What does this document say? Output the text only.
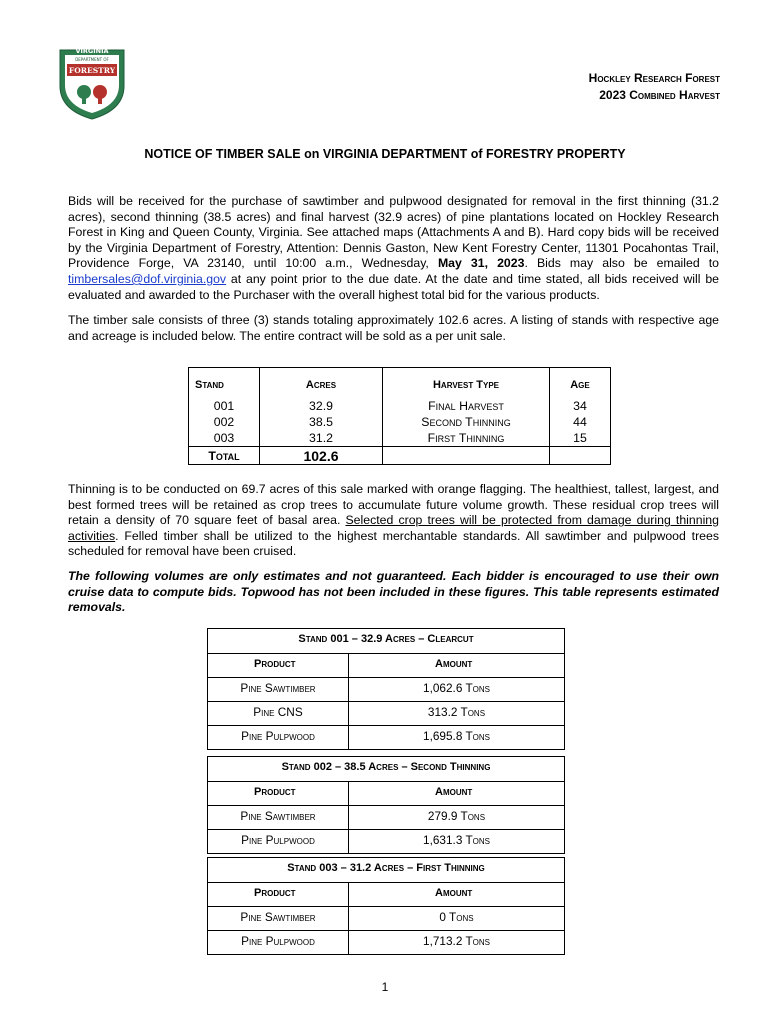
VIRGINIA
DEPARTMENT OF
FORESTRY
Hockley Research Forest
2023 Combined Harvest
NOTICE OF TIMBER SALE on VIRGINIA DEPARTMENT of FORESTRY PROPERTY

Bids will be received for the purchase of sawtimber and pulpwood designated for removal in the first thinning (31.2 acres), second thinning (38.5 acres) and final harvest (32.9 acres) of pine plantations located on Hockley Research Forest in King and Queen County, Virginia. See attached maps (Attachments A and B). Hard copy bids will be received by the Virginia Department of Forestry, Attention: Dennis Gaston, New Kent Forestry Center, 11301 Pocahontas Trail, Providence Forge, VA 23140, until 10:00 a.m., Wednesday, May 31, 2023. Bids may also be emailed to timbersales@dof.virginia.gov at any point prior to the due date. At the date and time stated, all bids received will be evaluated and awarded to the Purchaser with the overall highest total bid for the various products.

The timber sale consists of three (3) stands totaling approximately 102.6 acres. A listing of stands with respective age and acreage is included below. The entire contract will be sold as a per unit sale.

Stand	Acres	Harvest Type	Age
001	32.9	Final Harvest	34
002	38.5	Second Thinning	44
003	31.2	First Thinning	15
Total	102.6		

Thinning is to be conducted on 69.7 acres of this sale marked with orange flagging. The healthiest, tallest, largest, and best formed trees will be retained as crop trees to accumulate future volume growth. These residual crop trees will retain a density of 70 square feet of basal area. Selected crop trees will be protected from damage during thinning activities. Felled timber shall be utilized to the highest merchantable standards. All sawtimber and pulpwood trees scheduled for removal have been cruised.

The following volumes are only estimates and not guaranteed. Each bidder is encouraged to use their own cruise data to compute bids. Topwood has not been included in these figures. This table represents estimated removals.

Stand 001 – 32.9 Acres – Clearcut
Product	Amount
Pine Sawtimber	1,062.6 Tons
Pine CNS	313.2 Tons
Pine Pulpwood	1,695.8 Tons
Stand 002 – 38.5 Acres – Second Thinning
Product	Amount
Pine Sawtimber	279.9 Tons
Pine Pulpwood	1,631.3 Tons
Stand 003 – 31.2 Acres – First Thinning
Product	Amount
Pine Sawtimber	0 Tons
Pine Pulpwood	1,713.2 Tons
1
